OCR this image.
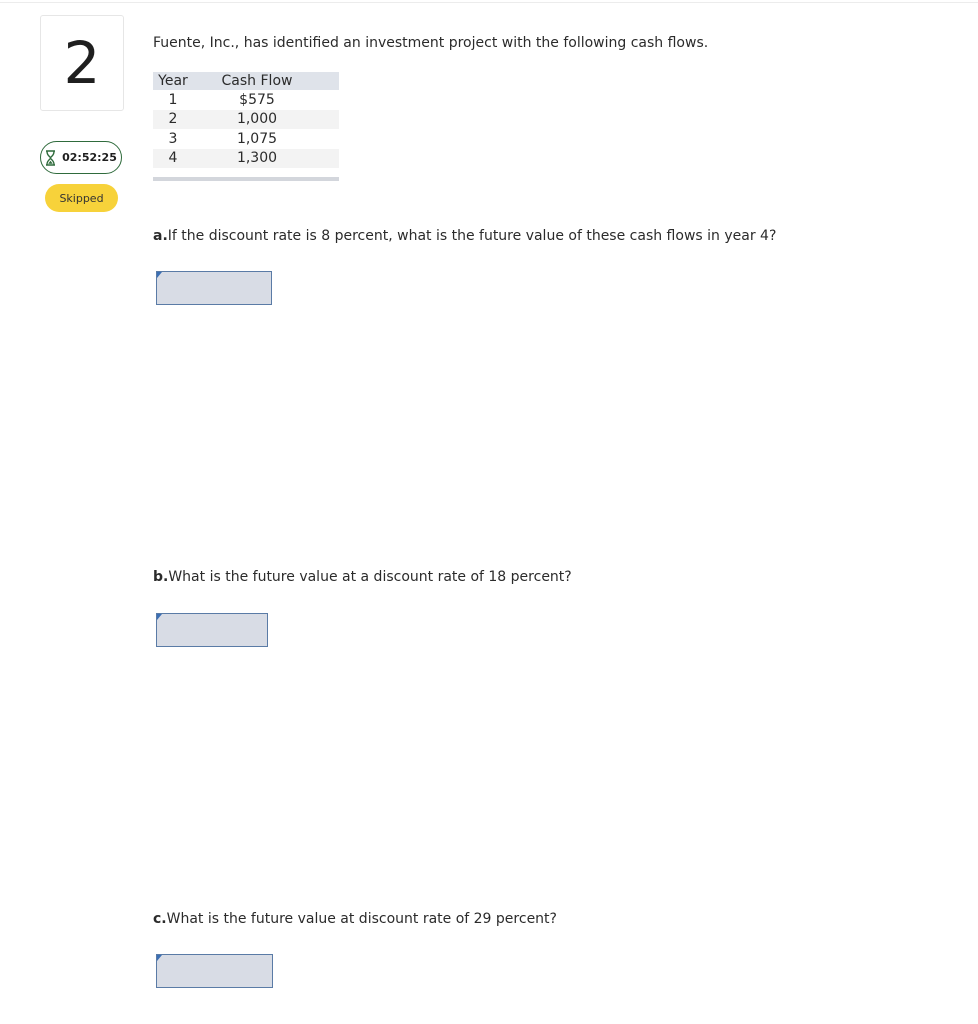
2
02:52:25
Skipped
Fuente, Inc., has identified an investment project with the following cash flows.
Year	Cash Flow
1	$575
2	1,000
3	1,075
4	1,300
a.If the discount rate is 8 percent, what is the future value of these cash flows in year 4?
b.What is the future value at a discount rate of 18 percent?
c.What is the future value at discount rate of 29 percent?
